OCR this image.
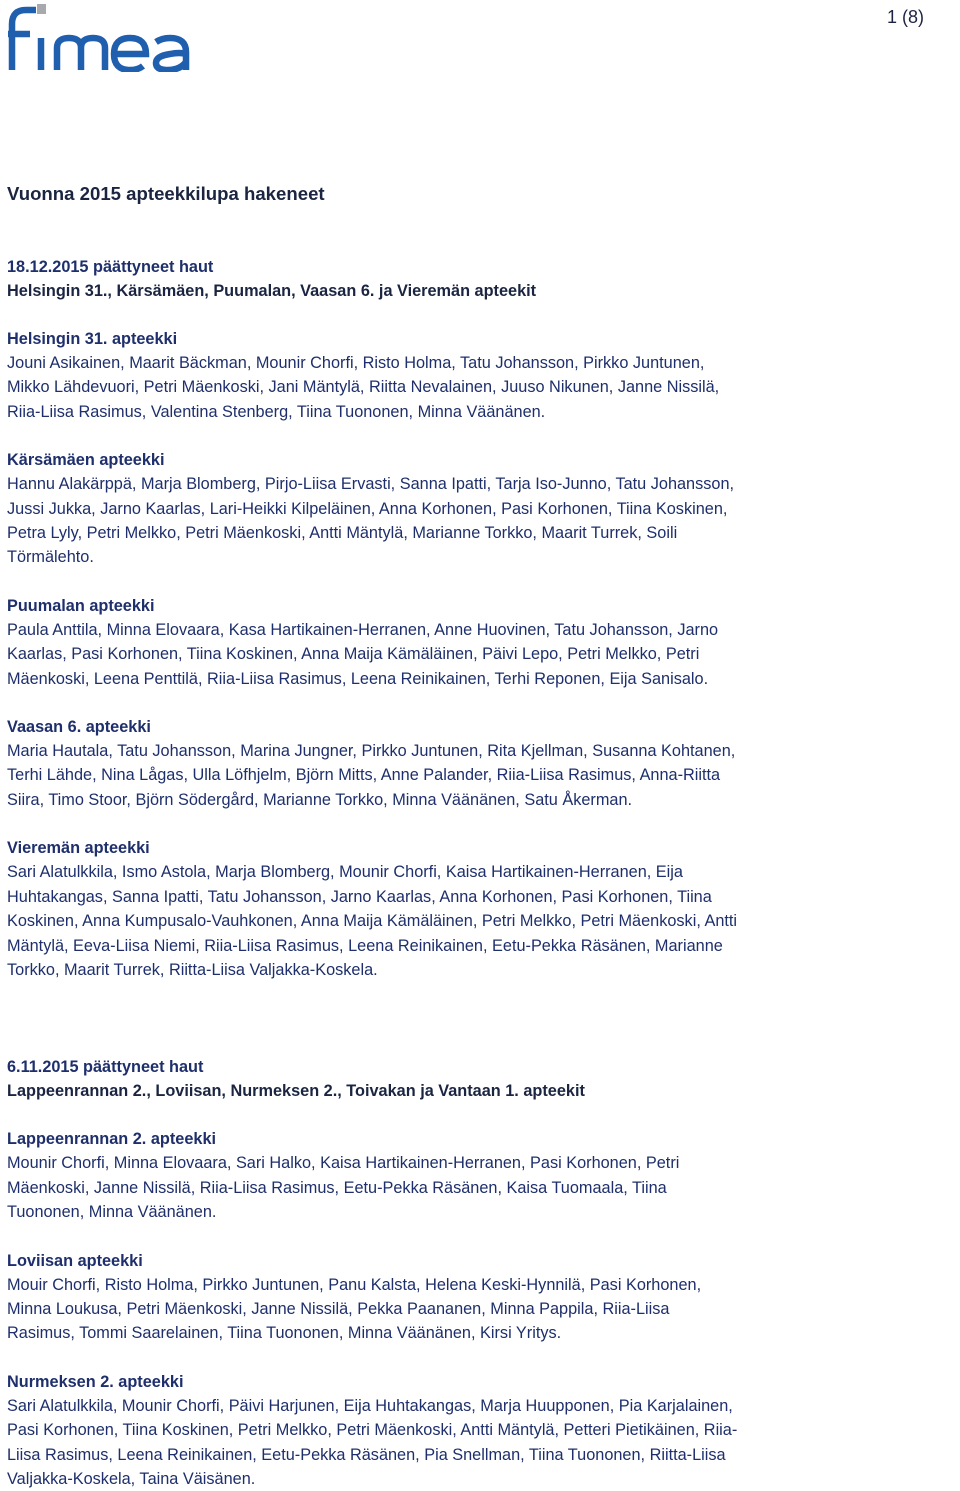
1 (8)
Vuonna 2015 apteekkilupa hakeneet

18.12.2015 päättyneet haut

Helsingin 31., Kärsämäen, Puumalan, Vaasan 6. ja Vieremän apteekit

Helsingin 31. apteekki

Jouni Asikainen, Maarit Bäckman, Mounir Chorfi, Risto Holma, Tatu Johansson, Pirkko Juntunen,
Mikko Lähdevuori, Petri Mäenkoski, Jani Mäntylä, Riitta Nevalainen, Juuso Nikunen, Janne Nissilä,
Riia-Liisa Rasimus, Valentina Stenberg, Tiina Tuononen, Minna Väänänen.

Kärsämäen apteekki

Hannu Alakärppä, Marja Blomberg, Pirjo-Liisa Ervasti, Sanna Ipatti, Tarja Iso-Junno, Tatu Johansson,
Jussi Jukka, Jarno Kaarlas, Lari-Heikki Kilpeläinen, Anna Korhonen, Pasi Korhonen, Tiina Koskinen,
Petra Lyly, Petri Melkko, Petri Mäenkoski, Antti Mäntylä, Marianne Torkko, Maarit Turrek, Soili
Törmälehto.

Puumalan apteekki

Paula Anttila, Minna Elovaara, Kasa Hartikainen-Herranen, Anne Huovinen, Tatu Johansson, Jarno
Kaarlas, Pasi Korhonen, Tiina Koskinen, Anna Maija Kämäläinen, Päivi Lepo, Petri Melkko, Petri
Mäenkoski, Leena Penttilä, Riia-Liisa Rasimus, Leena Reinikainen, Terhi Reponen, Eija Sanisalo.

Vaasan 6. apteekki

Maria Hautala, Tatu Johansson, Marina Jungner, Pirkko Juntunen, Rita Kjellman, Susanna Kohtanen,
Terhi Lähde, Nina Lågas, Ulla Löfhjelm, Björn Mitts, Anne Palander, Riia-Liisa Rasimus, Anna-Riitta
Siira, Timo Stoor, Björn Södergård, Marianne Torkko, Minna Väänänen, Satu Åkerman.

Vieremän apteekki

Sari Alatulkkila, Ismo Astola, Marja Blomberg, Mounir Chorfi, Kaisa Hartikainen-Herranen, Eija
Huhtakangas, Sanna Ipatti, Tatu Johansson, Jarno Kaarlas, Anna Korhonen, Pasi Korhonen, Tiina
Koskinen, Anna Kumpusalo-Vauhkonen, Anna Maija Kämäläinen, Petri Melkko, Petri Mäenkoski, Antti
Mäntylä, Eeva-Liisa Niemi, Riia-Liisa Rasimus, Leena Reinikainen, Eetu-Pekka Räsänen, Marianne
Torkko, Maarit Turrek, Riitta-Liisa Valjakka-Koskela.

6.11.2015 päättyneet haut

Lappeenrannan 2., Loviisan, Nurmeksen 2., Toivakan ja Vantaan 1. apteekit

Lappeenrannan 2. apteekki

Mounir Chorfi, Minna Elovaara, Sari Halko, Kaisa Hartikainen-Herranen, Pasi Korhonen, Petri
Mäenkoski, Janne Nissilä, Riia-Liisa Rasimus, Eetu-Pekka Räsänen, Kaisa Tuomaala, Tiina
Tuononen, Minna Väänänen.

Loviisan apteekki

Mouir Chorfi, Risto Holma, Pirkko Juntunen, Panu Kalsta, Helena Keski-Hynnilä, Pasi Korhonen,
Minna Loukusa, Petri Mäenkoski, Janne Nissilä, Pekka Paananen, Minna Pappila, Riia-Liisa
Rasimus, Tommi Saarelainen, Tiina Tuononen, Minna Väänänen, Kirsi Yritys.

Nurmeksen 2. apteekki

Sari Alatulkkila, Mounir Chorfi, Päivi Harjunen, Eija Huhtakangas, Marja Huupponen, Pia Karjalainen,
Pasi Korhonen, Tiina Koskinen, Petri Melkko, Petri Mäenkoski, Antti Mäntylä, Petteri Pietikäinen, Riia-
Liisa Rasimus, Leena Reinikainen, Eetu-Pekka Räsänen, Pia Snellman, Tiina Tuononen, Riitta-Liisa
Valjakka-Koskela, Taina Väisänen.
